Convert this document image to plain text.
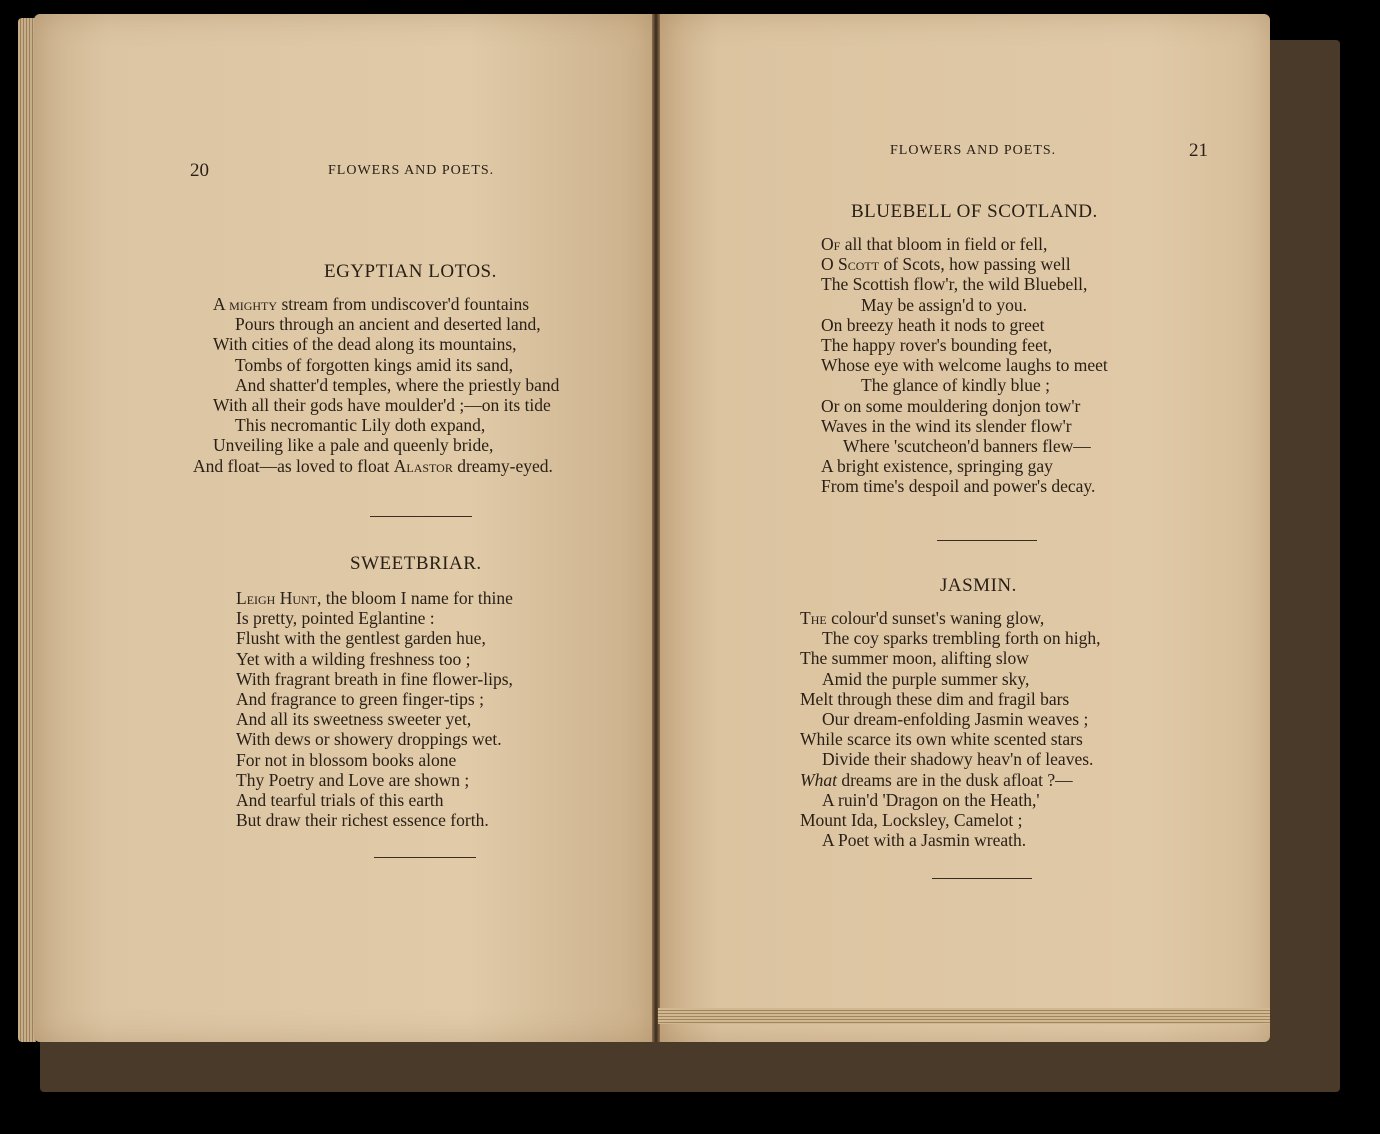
20	FLOWERS AND POETS.
EGYPTIAN LOTOS.
A mighty stream from undiscover'd fountains
Pours through an ancient and deserted land,
With cities of the dead along its mountains,
Tombs of forgotten kings amid its sand,
And shatter'd temples, where the priestly band
With all their gods have moulder'd ;—on its tide
This necromantic Lily doth expand,
Unveiling like a pale and queenly bride,
And float—as loved to float Alastor dreamy-eyed.
SWEETBRIAR.
Leigh Hunt, the bloom I name for thine
Is pretty, pointed Eglantine :
Flusht with the gentlest garden hue,
Yet with a wilding freshness too ;
With fragrant breath in fine flower-lips,
And fragrance to green finger-tips ;
And all its sweetness sweeter yet,
With dews or showery droppings wet.
For not in blossom books alone
Thy Poetry and Love are shown ;
And tearful trials of this earth
But draw their richest essence forth.
FLOWERS AND POETS.	21
BLUEBELL OF SCOTLAND.
Of all that bloom in field or fell,
O Scott of Scots, how passing well
The Scottish flow'r, the wild Bluebell,
May be assign'd to you.
On breezy heath it nods to greet
The happy rover's bounding feet,
Whose eye with welcome laughs to meet
The glance of kindly blue ;
Or on some mouldering donjon tow'r
Waves in the wind its slender flow'r
Where 'scutcheon'd banners flew—
A bright existence, springing gay
From time's despoil and power's decay.
JASMIN.
The colour'd sunset's waning glow,
The coy sparks trembling forth on high,
The summer moon, alifting slow
Amid the purple summer sky,
Melt through these dim and fragil bars
Our dream-enfolding Jasmin weaves ;
While scarce its own white scented stars
Divide their shadowy heav'n of leaves.
What dreams are in the dusk afloat ?—
A ruin'd 'Dragon on the Heath,'
Mount Ida, Locksley, Camelot ;
A Poet with a Jasmin wreath.
